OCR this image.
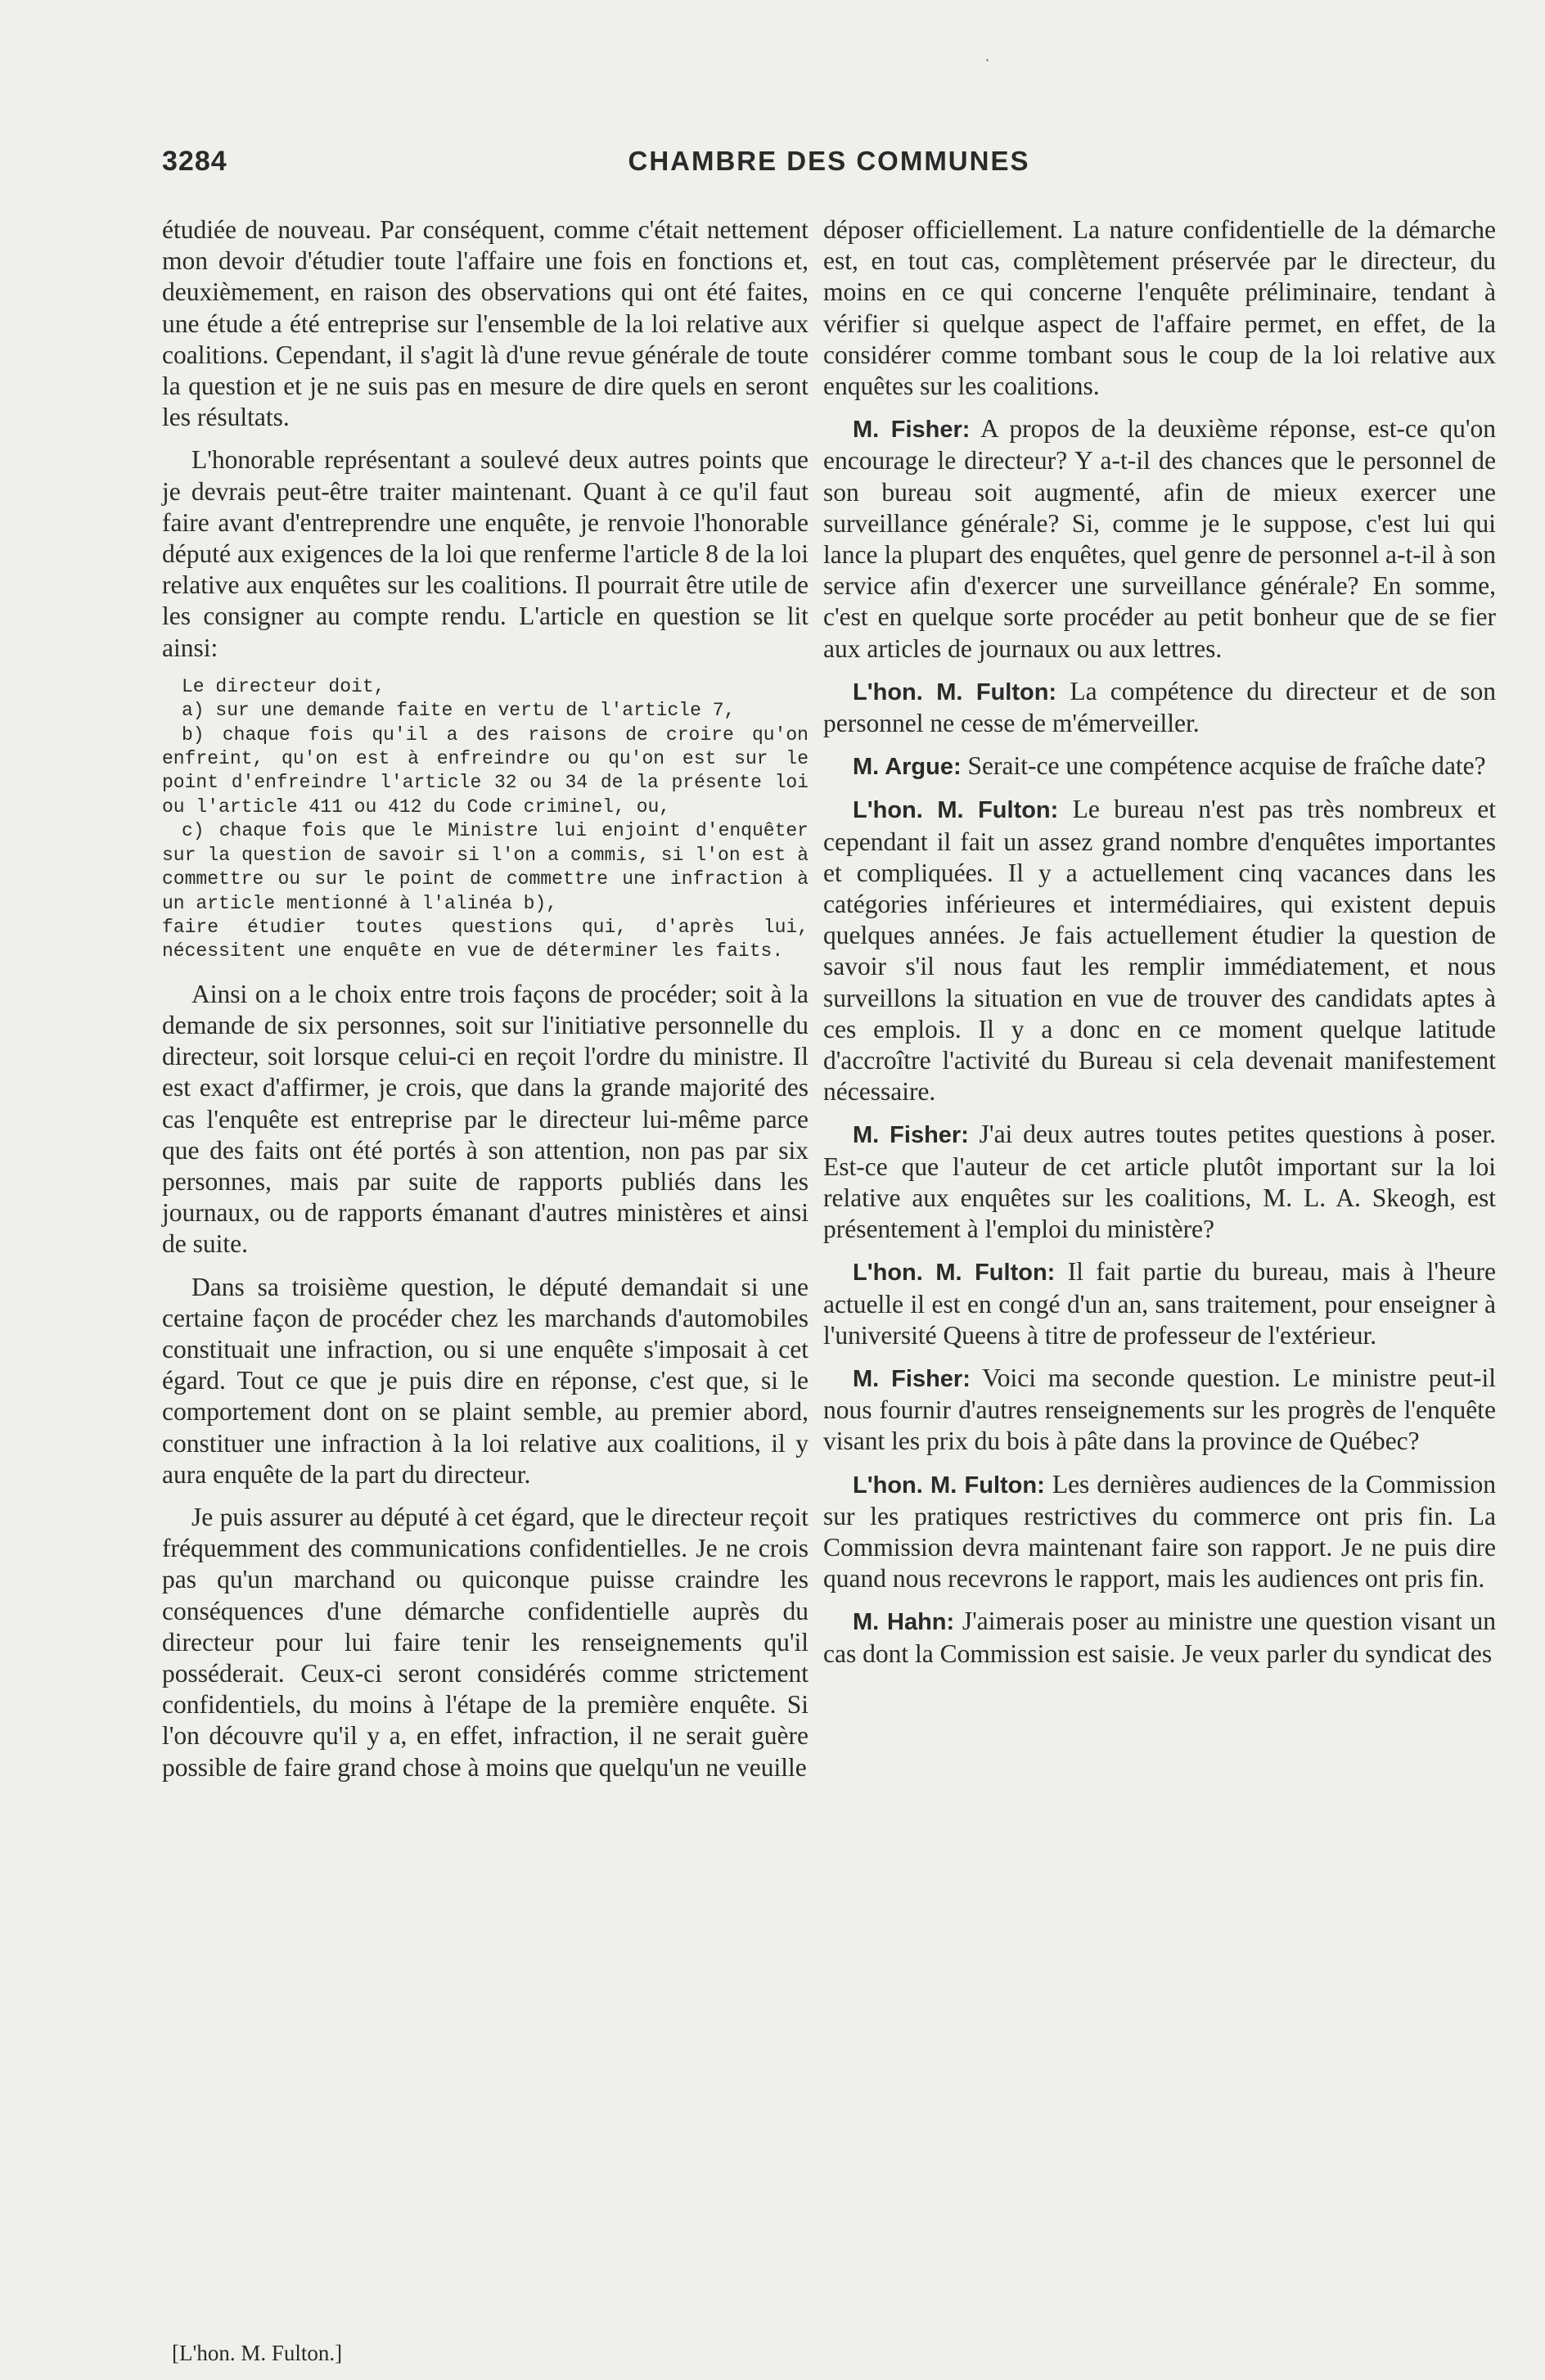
3284	CHAMBRE DES COMMUNES

étudiée de nouveau. Par conséquent, comme c'était nettement mon devoir d'étudier toute l'affaire une fois en fonctions et, deuxièmement, en raison des observations qui ont été faites, une étude a été entreprise sur l'ensemble de la loi relative aux coalitions. Cependant, il s'agit là d'une revue générale de toute la question et je ne suis pas en mesure de dire quels en seront les résultats.

L'honorable représentant a soulevé deux autres points que je devrais peut-être traiter maintenant. Quant à ce qu'il faut faire avant d'entreprendre une enquête, je renvoie l'honorable député aux exigences de la loi que renferme l'article 8 de la loi relative aux enquêtes sur les coalitions. Il pourrait être utile de les consigner au compte rendu. L'article en question se lit ainsi:

Le directeur doit,
a) sur une demande faite en vertu de l'article 7,
b) chaque fois qu'il a des raisons de croire qu'on enfreint, qu'on est à enfreindre ou qu'on est sur le point d'enfreindre l'article 32 ou 34 de la présente loi ou l'article 411 ou 412 du Code criminel, ou,
c) chaque fois que le Ministre lui enjoint d'enquêter sur la question de savoir si l'on a commis, si l'on est à commettre ou sur le point de commettre une infraction à un article mentionné à l'alinéa b),
faire étudier toutes questions qui, d'après lui, nécessitent une enquête en vue de déterminer les faits.

Ainsi on a le choix entre trois façons de procéder; soit à la demande de six personnes, soit sur l'initiative personnelle du directeur, soit lorsque celui-ci en reçoit l'ordre du ministre. Il est exact d'affirmer, je crois, que dans la grande majorité des cas l'enquête est entreprise par le directeur lui-même parce que des faits ont été portés à son attention, non pas par six personnes, mais par suite de rapports publiés dans les journaux, ou de rapports émanant d'autres ministères et ainsi de suite.

Dans sa troisième question, le député demandait si une certaine façon de procéder chez les marchands d'automobiles constituait une infraction, ou si une enquête s'imposait à cet égard. Tout ce que je puis dire en réponse, c'est que, si le comportement dont on se plaint semble, au premier abord, constituer une infraction à la loi relative aux coalitions, il y aura enquête de la part du directeur.

Je puis assurer au député à cet égard, que le directeur reçoit fréquemment des communications confidentielles. Je ne crois pas qu'un marchand ou quiconque puisse craindre les conséquences d'une démarche confidentielle auprès du directeur pour lui faire tenir les renseignements qu'il posséderait. Ceux-ci seront considérés comme strictement confidentiels, du moins à l'étape de la première enquête. Si l'on découvre qu'il y a, en effet, infraction, il ne serait guère possible de faire grand chose à moins que quelqu'un ne veuille

[L'hon. M. Fulton.]

déposer officiellement. La nature confidentielle de la démarche est, en tout cas, complètement préservée par le directeur, du moins en ce qui concerne l'enquête préliminaire, tendant à vérifier si quelque aspect de l'affaire permet, en effet, de la considérer comme tombant sous le coup de la loi relative aux enquêtes sur les coalitions.

M. Fisher: A propos de la deuxième réponse, est-ce qu'on encourage le directeur? Y a-t-il des chances que le personnel de son bureau soit augmenté, afin de mieux exercer une surveillance générale? Si, comme je le suppose, c'est lui qui lance la plupart des enquêtes, quel genre de personnel a-t-il à son service afin d'exercer une surveillance générale? En somme, c'est en quelque sorte procéder au petit bonheur que de se fier aux articles de journaux ou aux lettres.

L'hon. M. Fulton: La compétence du directeur et de son personnel ne cesse de m'émerveiller.

M. Argue: Serait-ce une compétence acquise de fraîche date?

L'hon. M. Fulton: Le bureau n'est pas très nombreux et cependant il fait un assez grand nombre d'enquêtes importantes et compliquées. Il y a actuellement cinq vacances dans les catégories inférieures et intermédiaires, qui existent depuis quelques années. Je fais actuellement étudier la question de savoir s'il nous faut les remplir immédiatement, et nous surveillons la situation en vue de trouver des candidats aptes à ces emplois. Il y a donc en ce moment quelque latitude d'accroître l'activité du Bureau si cela devenait manifestement nécessaire.

M. Fisher: J'ai deux autres toutes petites questions à poser. Est-ce que l'auteur de cet article plutôt important sur la loi relative aux enquêtes sur les coalitions, M. L. A. Skeogh, est présentement à l'emploi du ministère?

L'hon. M. Fulton: Il fait partie du bureau, mais à l'heure actuelle il est en congé d'un an, sans traitement, pour enseigner à l'université Queens à titre de professeur de l'extérieur.

M. Fisher: Voici ma seconde question. Le ministre peut-il nous fournir d'autres renseignements sur les progrès de l'enquête visant les prix du bois à pâte dans la province de Québec?

L'hon. M. Fulton: Les dernières audiences de la Commission sur les pratiques restrictives du commerce ont pris fin. La Commission devra maintenant faire son rapport. Je ne puis dire quand nous recevrons le rapport, mais les audiences ont pris fin.

M. Hahn: J'aimerais poser au ministre une question visant un cas dont la Commission est saisie. Je veux parler du syndicat des
